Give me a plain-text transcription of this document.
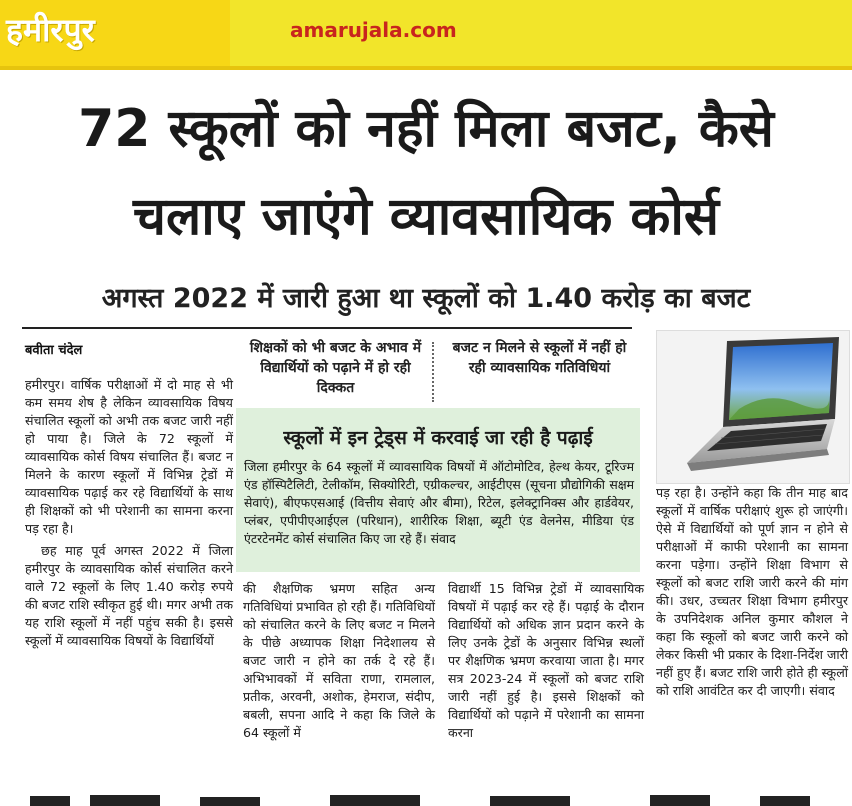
हमीरपुर	amarujala.com
72 स्कूलों को नहीं मिला बजट, कैसे
चलाए जाएंगे व्यावसायिक कोर्स
अगस्त 2022 में जारी हुआ था स्कूलों को 1.40 करोड़ का बजट
बवीता चंदेल

हमीरपुर। वार्षिक परीक्षाओं में दो माह से भी कम समय शेष है लेकिन व्यावसायिक विषय संचालित स्कूलों को अभी तक बजट जारी नहीं हो पाया है। जिले के 72 स्कूलों में व्यावसायिक कोर्स विषय संचालित हैं। बजट न मिलने के कारण स्कूलों में विभिन्न ट्रेडों में व्यावसायिक पढ़ाई कर रहे विद्यार्थियों के साथ ही शिक्षकों को भी परेशानी का सामना करना पड़ रहा है।

छह माह पूर्व अगस्त 2022 में जिला हमीरपुर के व्यावसायिक कोर्स संचालित करने वाले 72 स्कूलों के लिए 1.40 करोड़ रुपये की बजट राशि स्वीकृत हुई थी। मगर अभी तक यह राशि स्कूलों में नहीं पहुंच सकी है। इससे स्कूलों में व्यावसायिक विषयों के विद्यार्थियों

शिक्षकों को भी बजट के अभाव में विद्यार्थियों को पढ़ाने में हो रही दिक्कत
बजट न मिलने से स्कूलों में नहीं हो रही व्यावसायिक गतिविधियां
स्कूलों में इन ट्रेड्स में करवाई जा रही है पढ़ाई
जिला हमीरपुर के 64 स्कूलों में व्यावसायिक विषयों में ऑटोमोटिव, हेल्थ केयर, टूरिज्म एंड हॉस्पिटैलिटी, टेलीकॉम, सिक्योरिटी, एग्रीकल्चर, आईटीएस (सूचना प्रौद्योगिकी सक्षम सेवाएं), बीएफएसआई (वित्तीय सेवाएं और बीमा), रिटेल, इलेक्ट्रानिक्स और हार्डवेयर, प्लंबर, एपीपीएआईएल (परिधान), शारीरिक शिक्षा, ब्यूटी एंड वेलनेस, मीडिया एंड एंटरटेनमेंट कोर्स संचालित किए जा रहे हैं। संवाद
की शैक्षणिक भ्रमण सहित अन्य गतिविधियां प्रभावित हो रही हैं। गतिविधियों को संचालित करने के लिए बजट न मिलने के पीछे अध्यापक शिक्षा निदेशालय से बजट जारी न होने का तर्क दे रहे हैं। अभिभावकों में सविता राणा, रामलाल, प्रतीक, अरवनी, अशोक, हेमराज, संदीप, बबली, सपना आदि ने कहा कि जिले के 64 स्कूलों में
विद्यार्थी 15 विभिन्न ट्रेडों में व्यावसायिक विषयों में पढ़ाई कर रहे हैं। पढ़ाई के दौरान विद्यार्थियों को अधिक ज्ञान प्रदान करने के लिए उनके ट्रेडों के अनुसार विभिन्न स्थलों पर शैक्षणिक भ्रमण करवाया जाता है। मगर सत्र 2023-24 में स्कूलों को बजट राशि जारी नहीं हुई है। इससे शिक्षकों को विद्यार्थियों को पढ़ाने में परेशानी का सामना करना
पड़ रहा है। उन्होंने कहा कि तीन माह बाद स्कूलों में वार्षिक परीक्षाएं शुरू हो जाएंगी। ऐसे में विद्यार्थियों को पूर्ण ज्ञान न होने से परीक्षाओं में काफी परेशानी का सामना करना पड़ेगा। उन्होंने शिक्षा विभाग से स्कूलों को बजट राशि जारी करने की मांग की। उधर, उच्चतर शिक्षा विभाग हमीरपुर के उपनिदेशक अनिल कुमार कौशल ने कहा कि स्कूलों को बजट जारी करने को लेकर किसी भी प्रकार के दिशा-निर्देश जारी नहीं हुए हैं। बजट राशि जारी होते ही स्कूलों को राशि आवंटित कर दी जाएगी। संवाद
